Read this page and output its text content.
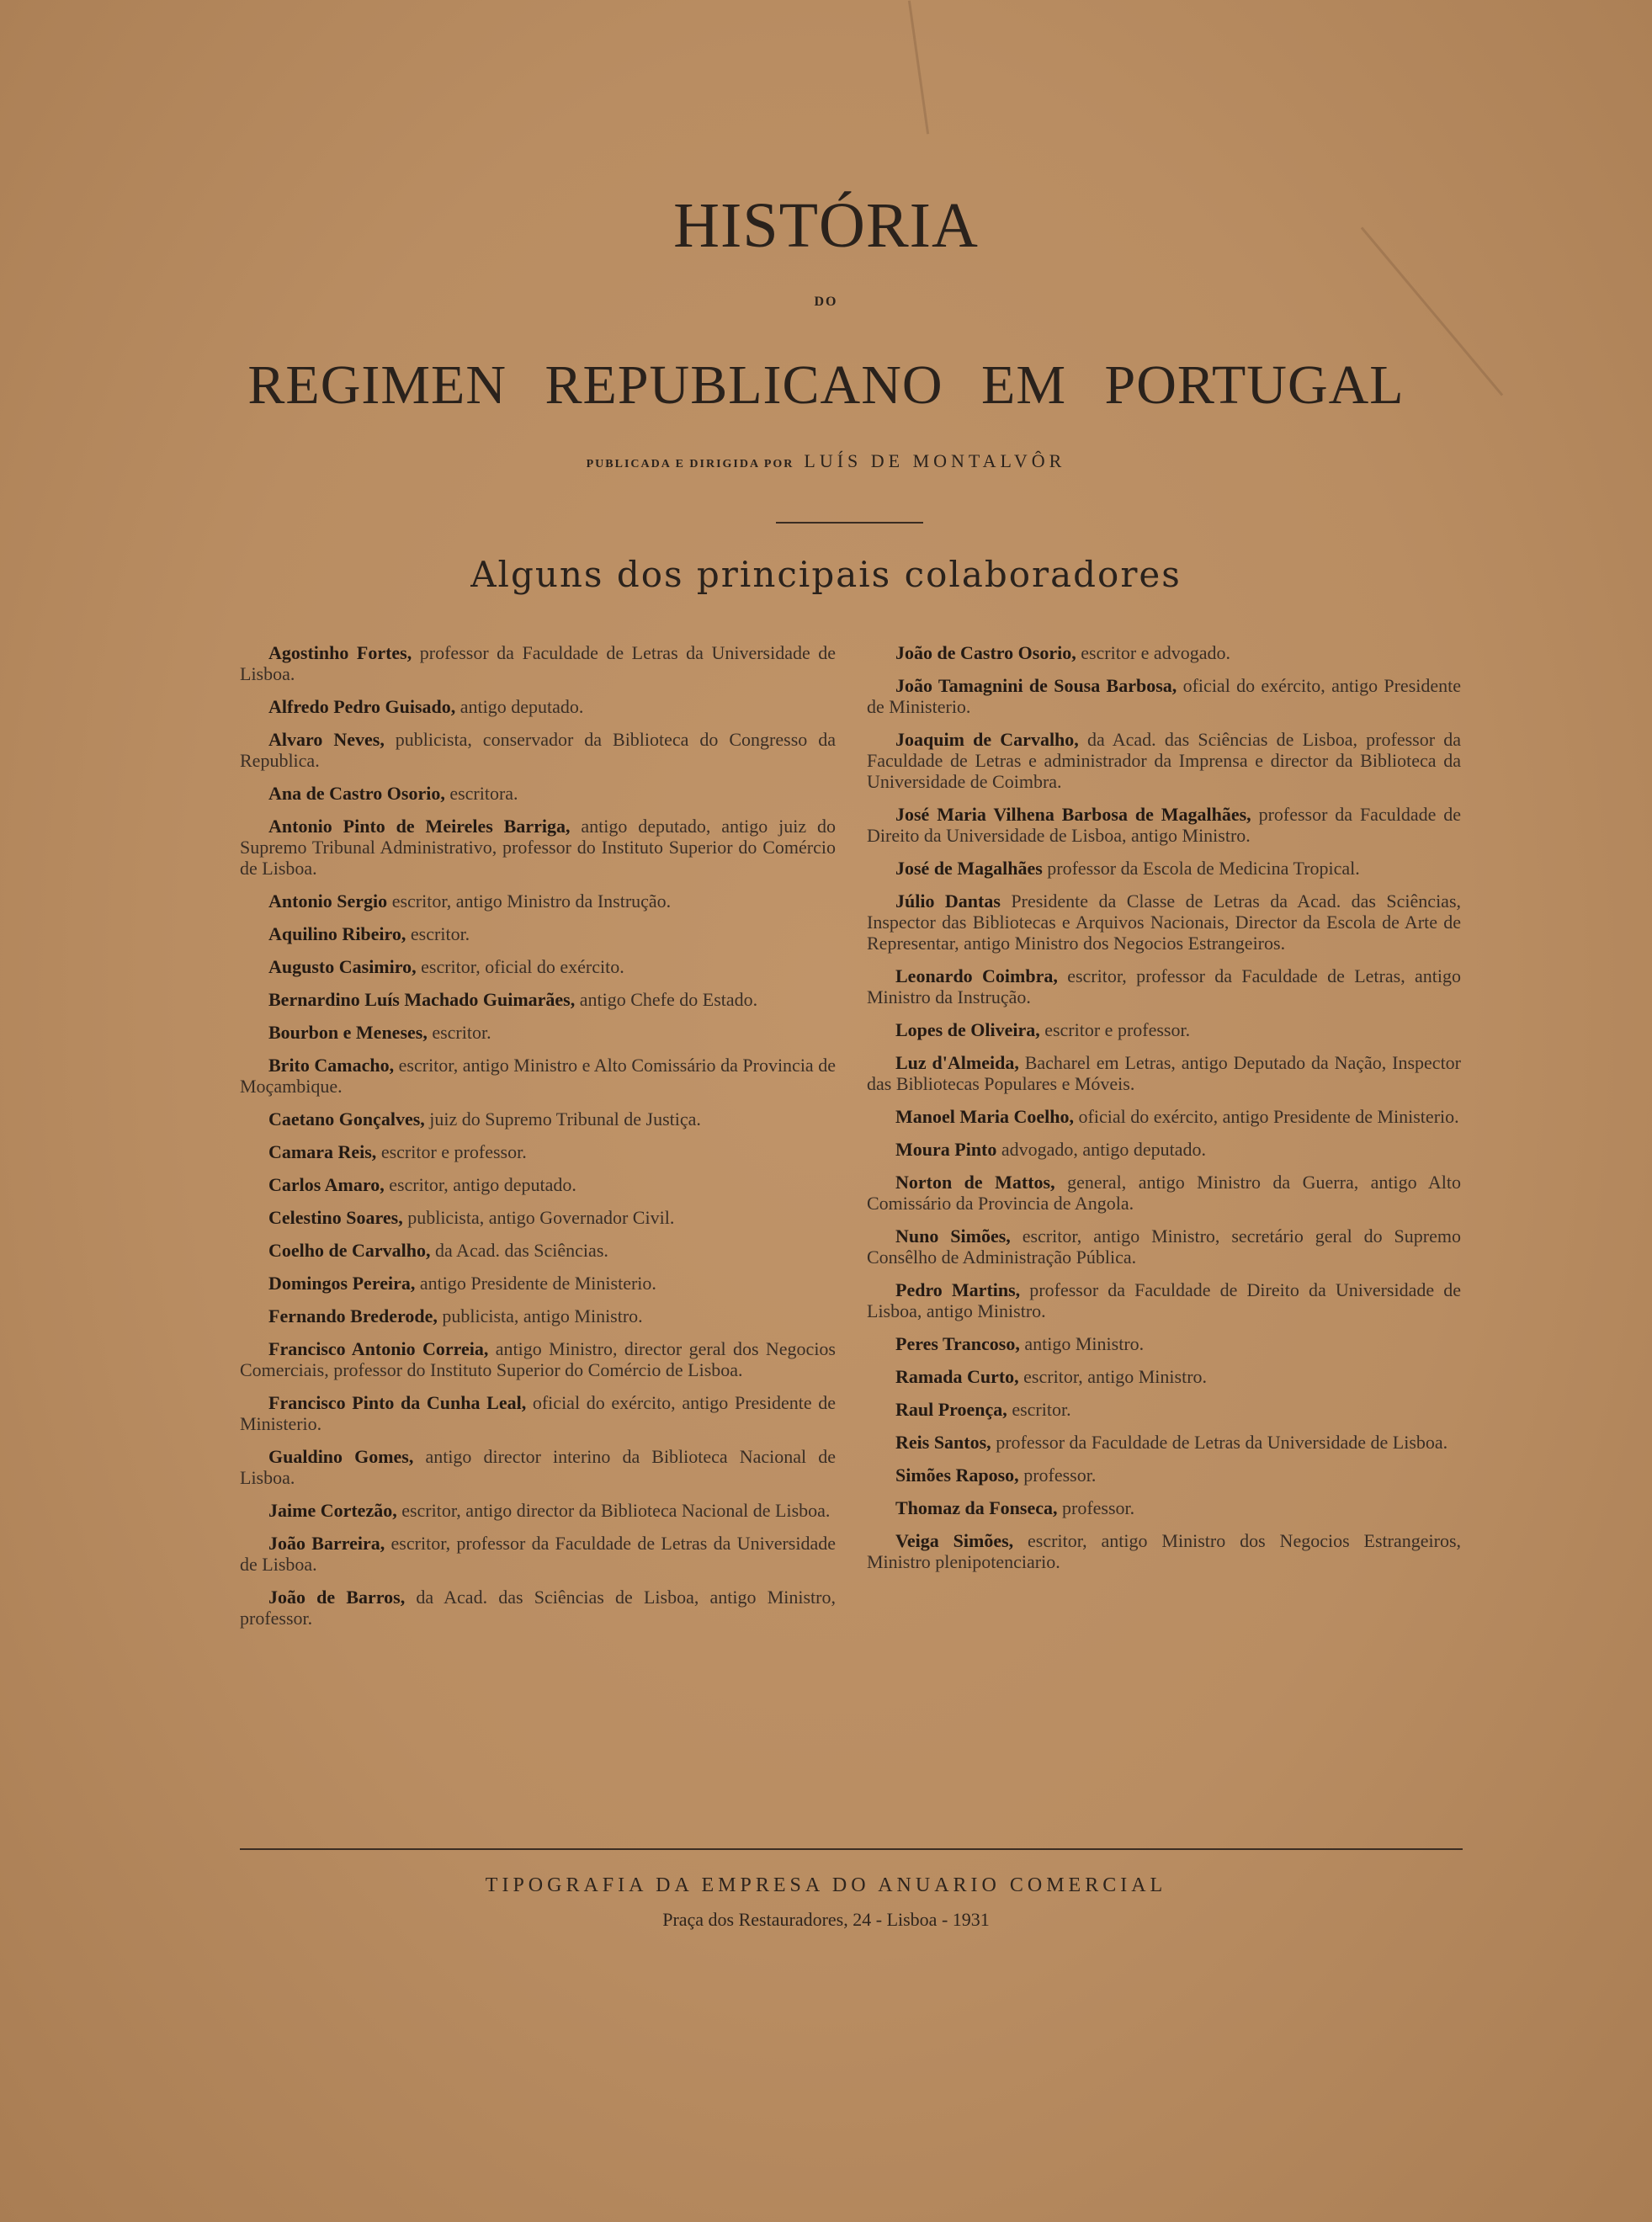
HISTÓRIA
DO
REGIMEN REPUBLICANO EM PORTUGAL
PUBLICADA E DIRIGIDA POR LUÍS DE MONTALVÔR
Alguns dos principais colaboradores

Agostinho Fortes, professor da Faculdade de Letras da Universidade de Lisboa.

Alfredo Pedro Guisado, antigo deputado.

Alvaro Neves, publicista, conservador da Biblioteca do Congresso da Republica.

Ana de Castro Osorio, escritora.

Antonio Pinto de Meireles Barriga, antigo deputado, antigo juiz do Supremo Tribunal Administrativo, professor do Instituto Superior do Comércio de Lisboa.

Antonio Sergio escritor, antigo Ministro da Instrução.

Aquilino Ribeiro, escritor.

Augusto Casimiro, escritor, oficial do exército.

Bernardino Luís Machado Guimarães, antigo Chefe do Estado.

Bourbon e Meneses, escritor.

Brito Camacho, escritor, antigo Ministro e Alto Comissário da Provincia de Moçambique.

Caetano Gonçalves, juiz do Supremo Tribunal de Justiça.

Camara Reis, escritor e professor.

Carlos Amaro, escritor, antigo deputado.

Celestino Soares, publicista, antigo Governador Civil.

Coelho de Carvalho, da Acad. das Sciências.

Domingos Pereira, antigo Presidente de Ministerio.

Fernando Brederode, publicista, antigo Ministro.

Francisco Antonio Correia, antigo Ministro, director geral dos Negocios Comerciais, professor do Instituto Superior do Comércio de Lisboa.

Francisco Pinto da Cunha Leal, oficial do exército, antigo Presidente de Ministerio.

Gualdino Gomes, antigo director interino da Biblioteca Nacional de Lisboa.

Jaime Cortezão, escritor, antigo director da Biblioteca Nacional de Lisboa.

João Barreira, escritor, professor da Faculdade de Letras da Universidade de Lisboa.

João de Barros, da Acad. das Sciências de Lisboa, antigo Ministro, professor.

João de Castro Osorio, escritor e advogado.

João Tamagnini de Sousa Barbosa, oficial do exército, antigo Presidente de Ministerio.

Joaquim de Carvalho, da Acad. das Sciências de Lisboa, professor da Faculdade de Letras e administrador da Imprensa e director da Biblioteca da Universidade de Coimbra.

José Maria Vilhena Barbosa de Magalhães, professor da Faculdade de Direito da Universidade de Lisboa, antigo Ministro.

José de Magalhães professor da Escola de Medicina Tropical.

Júlio Dantas Presidente da Classe de Letras da Acad. das Sciências, Inspector das Bibliotecas e Arquivos Nacionais, Director da Escola de Arte de Representar, antigo Ministro dos Negocios Estrangeiros.

Leonardo Coimbra, escritor, professor da Faculdade de Letras, antigo Ministro da Instrução.

Lopes de Oliveira, escritor e professor.

Luz d'Almeida, Bacharel em Letras, antigo Deputado da Nação, Inspector das Bibliotecas Populares e Móveis.

Manoel Maria Coelho, oficial do exército, antigo Presidente de Ministerio.

Moura Pinto advogado, antigo deputado.

Norton de Mattos, general, antigo Ministro da Guerra, antigo Alto Comissário da Provincia de Angola.

Nuno Simões, escritor, antigo Ministro, secretário geral do Supremo Consêlho de Administração Pública.

Pedro Martins, professor da Faculdade de Direito da Universidade de Lisboa, antigo Ministro.

Peres Trancoso, antigo Ministro.

Ramada Curto, escritor, antigo Ministro.

Raul Proença, escritor.

Reis Santos, professor da Faculdade de Letras da Universidade de Lisboa.

Simões Raposo, professor.

Thomaz da Fonseca, professor.

Veiga Simões, escritor, antigo Ministro dos Negocios Estrangeiros, Ministro plenipotenciario.

TIPOGRAFIA DA EMPRESA DO ANUARIO COMERCIAL
Praça dos Restauradores, 24 - Lisboa - 1931
